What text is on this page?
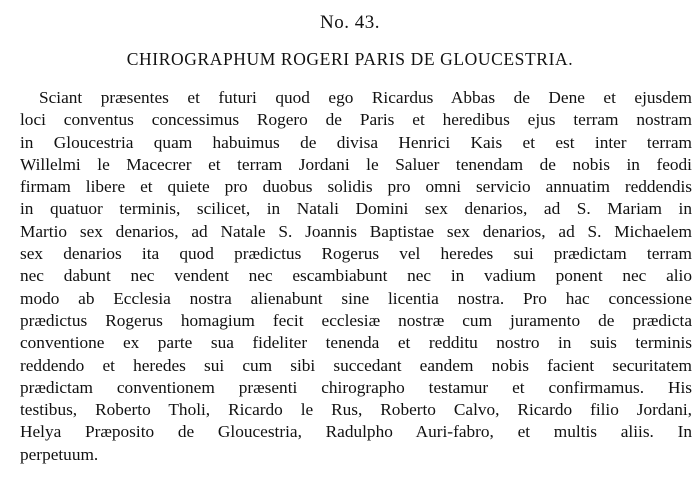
No. 43.
CHIROGRAPHUM ROGERI PARIS DE GLOUCESTRIA.
Sciant præsentes et futuri quod ego Ricardus Abbas de Dene et ejusdem
loci conventus concessimus Rogero de Paris et heredibus ejus terram nostram
in Gloucestria quam habuimus de divisa Henrici Kais et est inter terram
Willelmi le Macecrer et terram Jordani le Saluer tenendam de nobis in feodi
firmam libere et quiete pro duobus solidis pro omni servicio annuatim reddendis
in quatuor terminis, scilicet, in Natali Domini sex denarios, ad S. Mariam in
Martio sex denarios, ad Natale S. Joannis Baptistae sex denarios, ad S. Michaelem
sex denarios ita quod prædictus Rogerus vel heredes sui prædictam terram
nec dabunt nec vendent nec escambiabunt nec in vadium ponent nec alio
modo ab Ecclesia nostra alienabunt sine licentia nostra. Pro hac concessione
prædictus Rogerus homagium fecit ecclesiæ nostræ cum juramento de prædicta
conventione ex parte sua fideliter tenenda et redditu nostro in suis terminis
reddendo et heredes sui cum sibi succedant eandem nobis facient securitatem
prædictam conventionem præsenti chirographo testamur et confirmamus. His
testibus, Roberto Tholi, Ricardo le Rus, Roberto Calvo, Ricardo filio Jordani,
Helya Præposito de Gloucestria, Radulpho Auri-fabro, et multis aliis. In
perpetuum.
